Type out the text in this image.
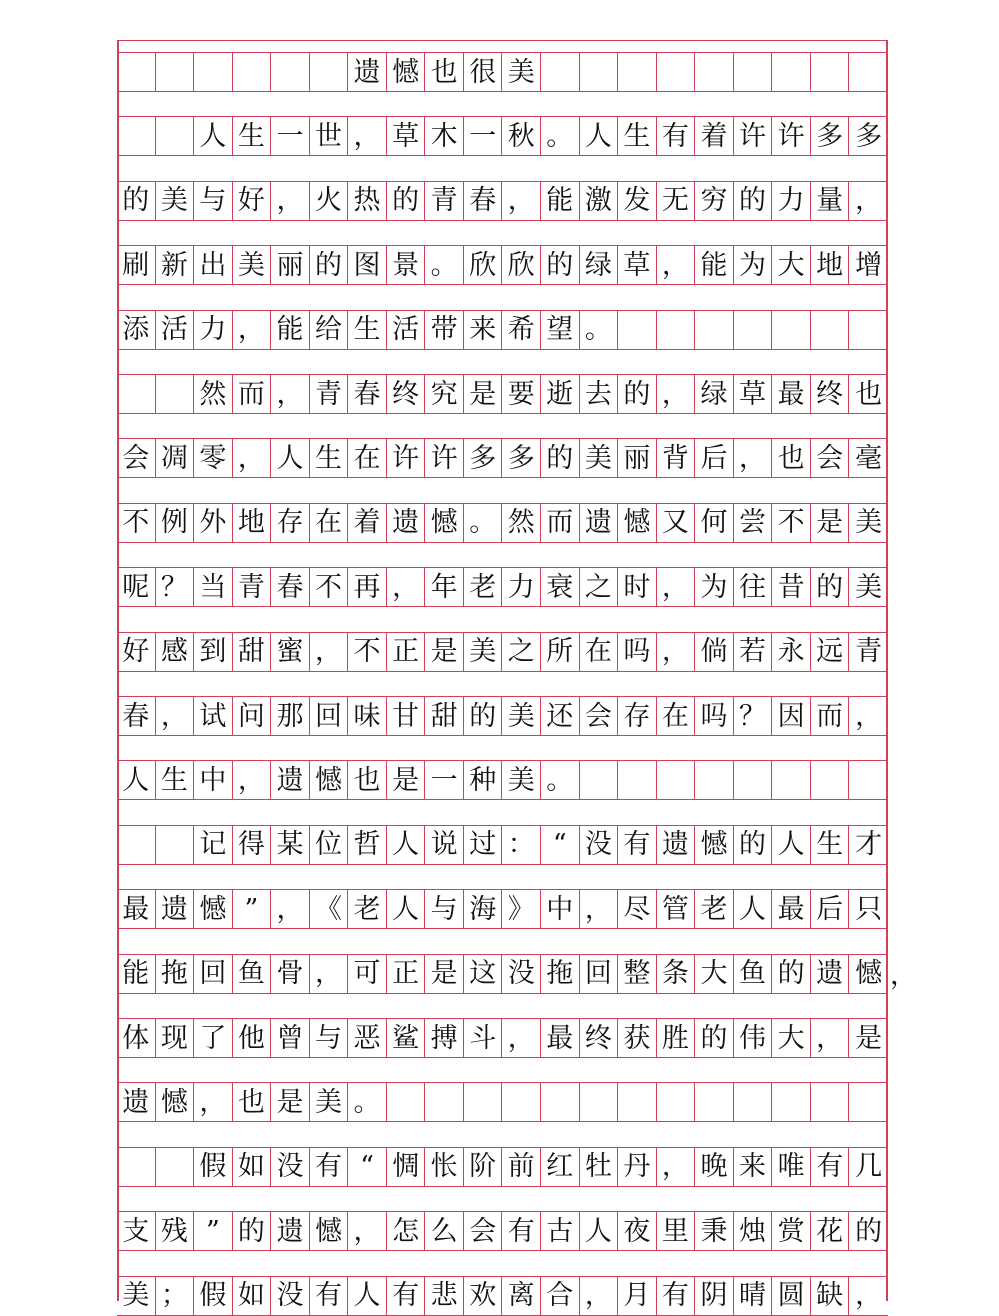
遗 憾 也 很 美
人 生 一 世 ， 草 木 一 秋 。 人 生 有 着 许 许 多 多
的 美 与 好 ， 火 热 的 青 春 ， 能 激 发 无 穷 的 力 量 ，
刷 新 出 美 丽 的 图 景 。 欣 欣 的 绿 草 ， 能 为 大 地 增
添 活 力 ， 能 给 生 活 带 来 希 望 。
然 而 ， 青 春 终 究 是 要 逝 去 的 ， 绿 草 最 终 也
会 凋 零 ， 人 生 在 许 许 多 多 的 美 丽 背 后 ， 也 会 毫
不 例 外 地 存 在 着 遗 憾 。 然 而 遗 憾 又 何 尝 不 是 美
呢 ？ 当 青 春 不 再 ， 年 老 力 衰 之 时 ， 为 往 昔 的 美
好 感 到 甜 蜜 ， 不 正 是 美 之 所 在 吗 ， 倘 若 永 远 青
春 ， 试 问 那 回 味 甘 甜 的 美 还 会 存 在 吗 ？ 因 而 ，
人 生 中 ， 遗 憾 也 是 一 种 美 。
记 得 某 位 哲 人 说 过 ： “ 没 有 遗 憾 的 人 生 才
最 遗 憾 ” ， 《 老 人 与 海 》 中 ， 尽 管 老 人 最 后 只
能 拖 回 鱼 骨 ， 可 正 是 这 没 拖 回 整 条 大 鱼 的 遗 憾
体 现 了 他 曾 与 恶 鲨 搏 斗 ， 最 终 获 胜 的 伟 大 ， 是
遗 憾 ， 也 是 美 。
假 如 没 有 “ 惆 怅 阶 前 红 牡 丹 ， 晚 来 唯 有 几
支 残 ” 的 遗 憾 ， 怎 么 会 有 古 人 夜 里 秉 烛 赏 花 的
美 ； 假 如 没 有 人 有 悲 欢 离 合 ， 月 有 阴 晴 圆 缺 ，
，
